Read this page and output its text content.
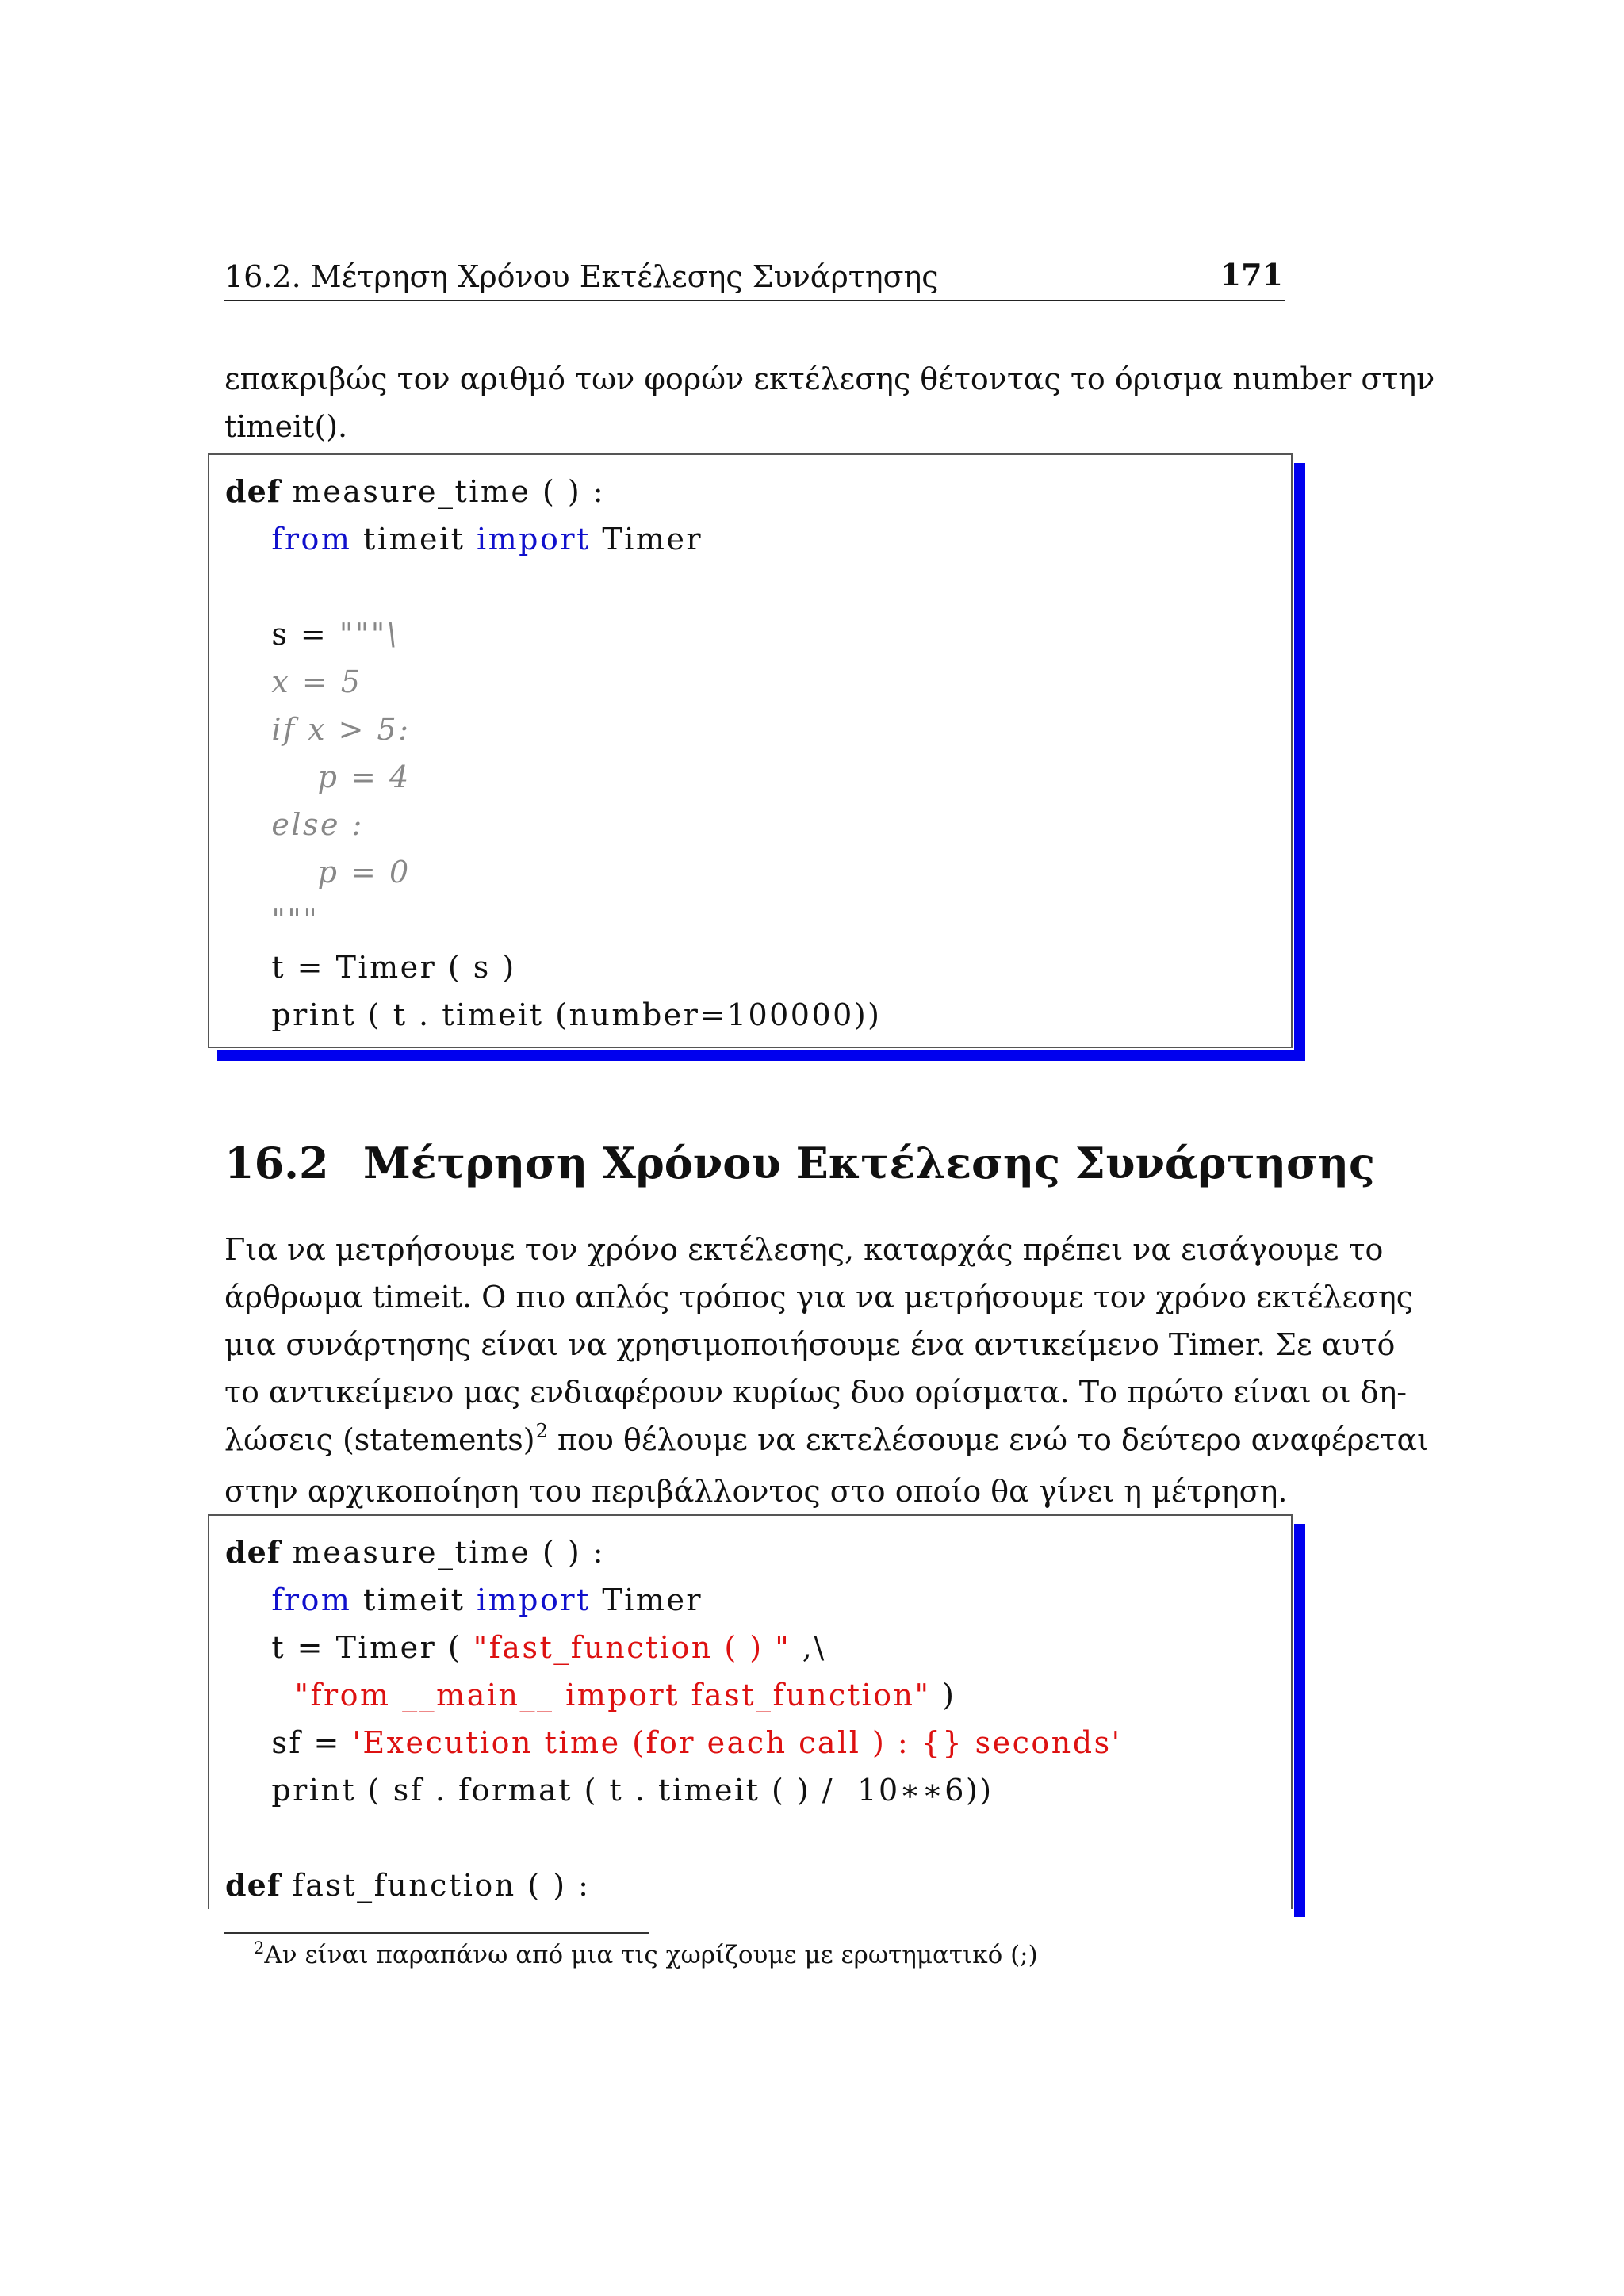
16.2. Μέτρηση Χρόνου Εκτέλεσης Συνάρτησης	171

επακριβώς τον αριθμό των φορών εκτέλεσης θέτοντας το όρισμα number στην
timeit().

def measure_time ( ) :
from timeit import Timer
s = """\
x = 5
if x > 5:
p = 4
else :
p = 0
"""
t = Timer ( s )
print ( t . timeit (number=100000))
16.2 Μέτρηση Χρόνου Εκτέλεσης Συνάρτησης

Για να μετρήσουμε τον χρόνο εκτέλεσης, καταρχάς πρέπει να εισάγουμε το
άρθρωμα timeit. Ο πιο απλός τρόπος για να μετρήσουμε τον χρόνο εκτέλεσης
μια συνάρτησης είναι να χρησιμοποιήσουμε ένα αντικείμενο Timer. Σε αυτό
το αντικείμενο μας ενδιαφέρουν κυρίως δυο ορίσματα. Το πρώτο είναι οι δη-
λώσεις (statements)$^2$ που θέλουμε να εκτελέσουμε ενώ το δεύτερο αναφέρεται
στην αρχικοποίηση του περιβάλλοντος στο οποίο θα γίνει η μέτρηση.

def measure_time ( ) :
from timeit import Timer
t = Timer ( "fast_function ( ) " ,\
"from __main__ import fast_function" )
sf = 'Execution time (for each call ) : {} seconds'
print ( sf . format ( t . timeit ( ) /  10∗∗6))
def fast_function ( ) :
$^2$Αν είναι παραπάνω από μια τις χωρίζουμε με ερωτηματικό (;)
